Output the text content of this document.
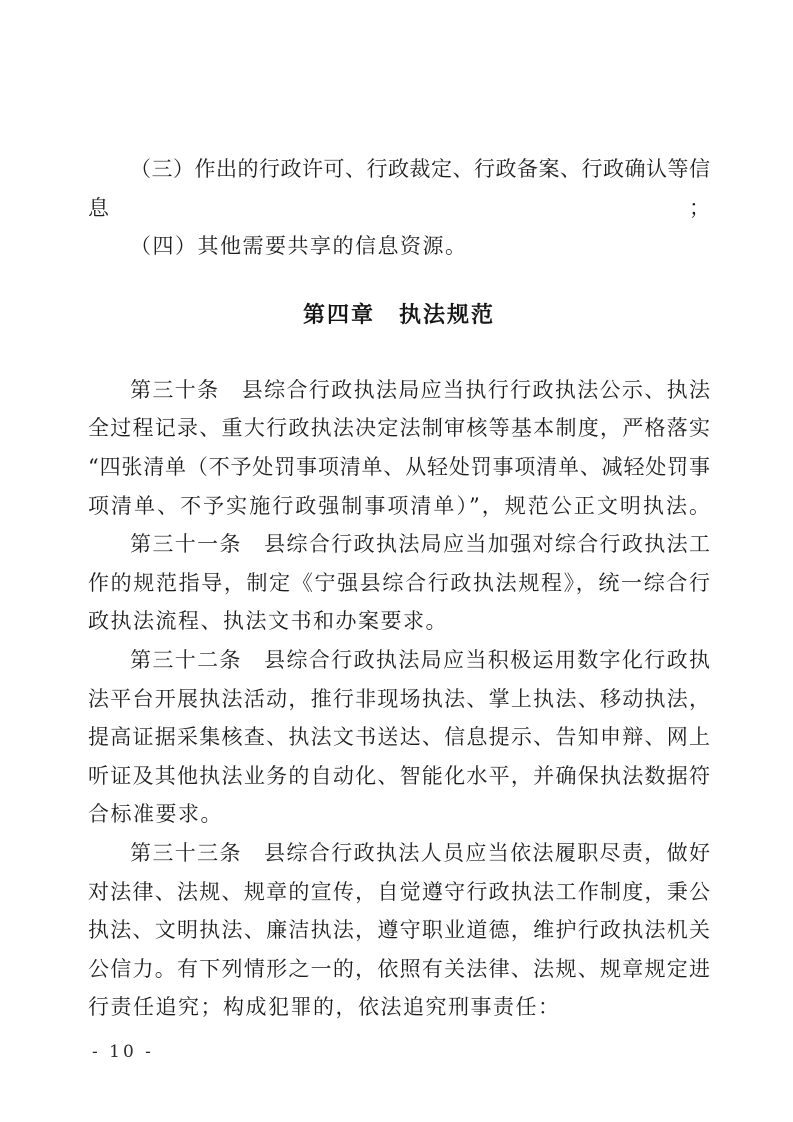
（三）作出的行政许可、行政裁定、行政备案、行政确认等信息；
（四）其他需要共享的信息资源。
第四章　执法规范
第三十条　县综合行政执法局应当执行行政执法公示、执法
全过程记录、重大行政执法决定法制审核等基本制度，严格落实
“四张清单（不予处罚事项清单、从轻处罚事项清单、减轻处罚事
项清单、不予实施行政强制事项清单）”，规范公正文明执法。
第三十一条　县综合行政执法局应当加强对综合行政执法工
作的规范指导，制定《宁强县综合行政执法规程》，统一综合行
政执法流程、执法文书和办案要求。
第三十二条　县综合行政执法局应当积极运用数字化行政执
法平台开展执法活动，推行非现场执法、掌上执法、移动执法，
提高证据采集核查、执法文书送达、信息提示、告知申辩、网上
听证及其他执法业务的自动化、智能化水平，并确保执法数据符
合标准要求。
第三十三条　县综合行政执法人员应当依法履职尽责，做好
对法律、法规、规章的宣传，自觉遵守行政执法工作制度，秉公
执法、文明执法、廉洁执法，遵守职业道德，维护行政执法机关
公信力。有下列情形之一的，依照有关法律、法规、规章规定进
行责任追究；构成犯罪的，依法追究刑事责任：
- 10 -
